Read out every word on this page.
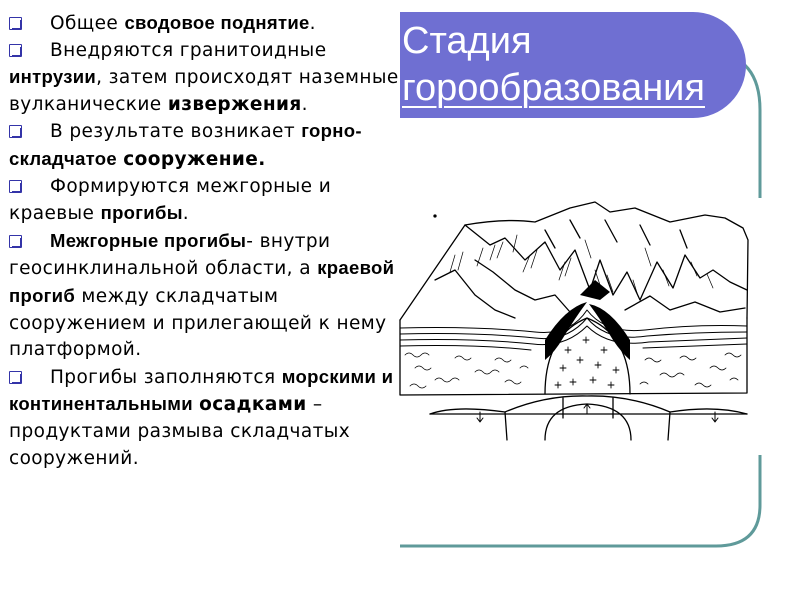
Стадия
горообразования
Общее сводовое поднятие.
Внедряются гранитоидные интрузии, затем происходят наземные вулканические извержения.
В результате возникает горно-складчатое сооружение.
Формируются межгорные и краевые прогибы.
Межгорные прогибы- внутри геосинклинальной области, а краевой прогиб между складчатым сооружением и прилегающей к нему платформой.
Прогибы заполняются морскими и континентальными осадками – продуктами размыва складчатых сооружений.
